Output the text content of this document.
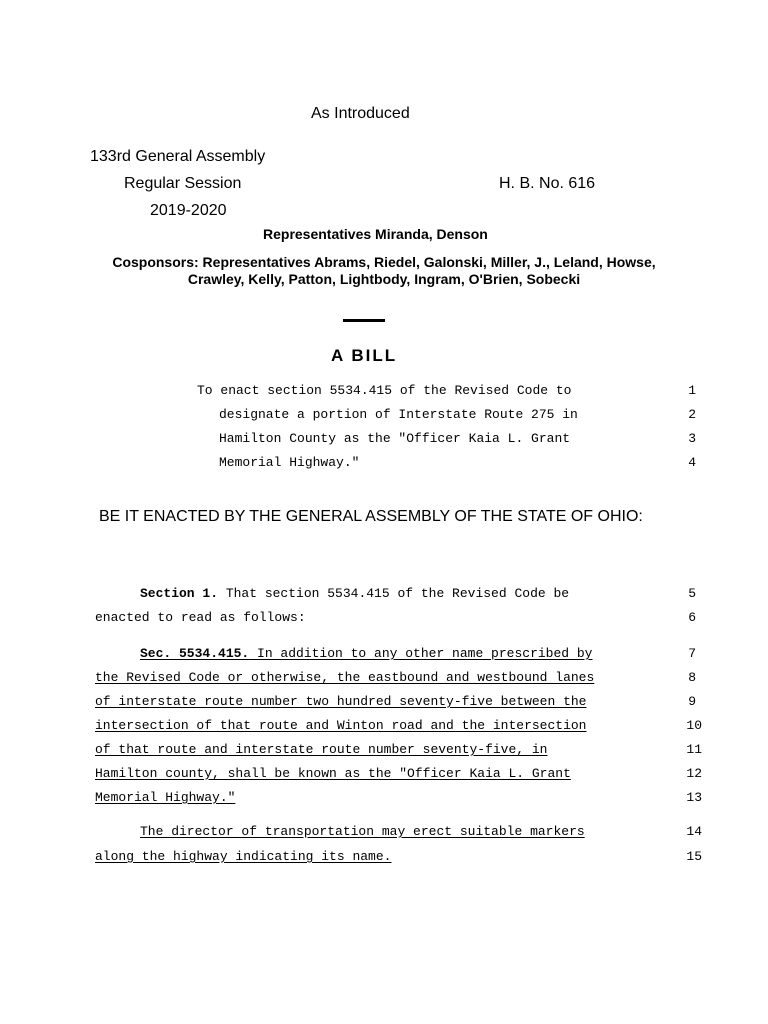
As Introduced
133rd General Assembly
Regular Session	H. B. No. 616
2019-2020
Representatives Miranda, Denson
Cosponsors: Representatives Abrams, Riedel, Galonski, Miller, J., Leland, Howse,
Crawley, Kelly, Patton, Lightbody, Ingram, O'Brien, Sobecki
A BILL
To enact section 5534.415 of the Revised Code to	1
designate a portion of Interstate Route 275 in	2
Hamilton County as the "Officer Kaia L. Grant	3
Memorial Highway."	4
BE IT ENACTED BY THE GENERAL ASSEMBLY OF THE STATE OF OHIO:
Section 1. That section 5534.415 of the Revised Code be	5
enacted to read as follows:	6
Sec. 5534.415. In addition to any other name prescribed by	7
the Revised Code or otherwise, the eastbound and westbound lanes	8
of interstate route number two hundred seventy-five between the	9
intersection of that route and Winton road and the intersection	10
of that route and interstate route number seventy-five, in	11
Hamilton county, shall be known as the "Officer Kaia L. Grant	12
Memorial Highway."	13
The director of transportation may erect suitable markers	14
along the highway indicating its name.	15
